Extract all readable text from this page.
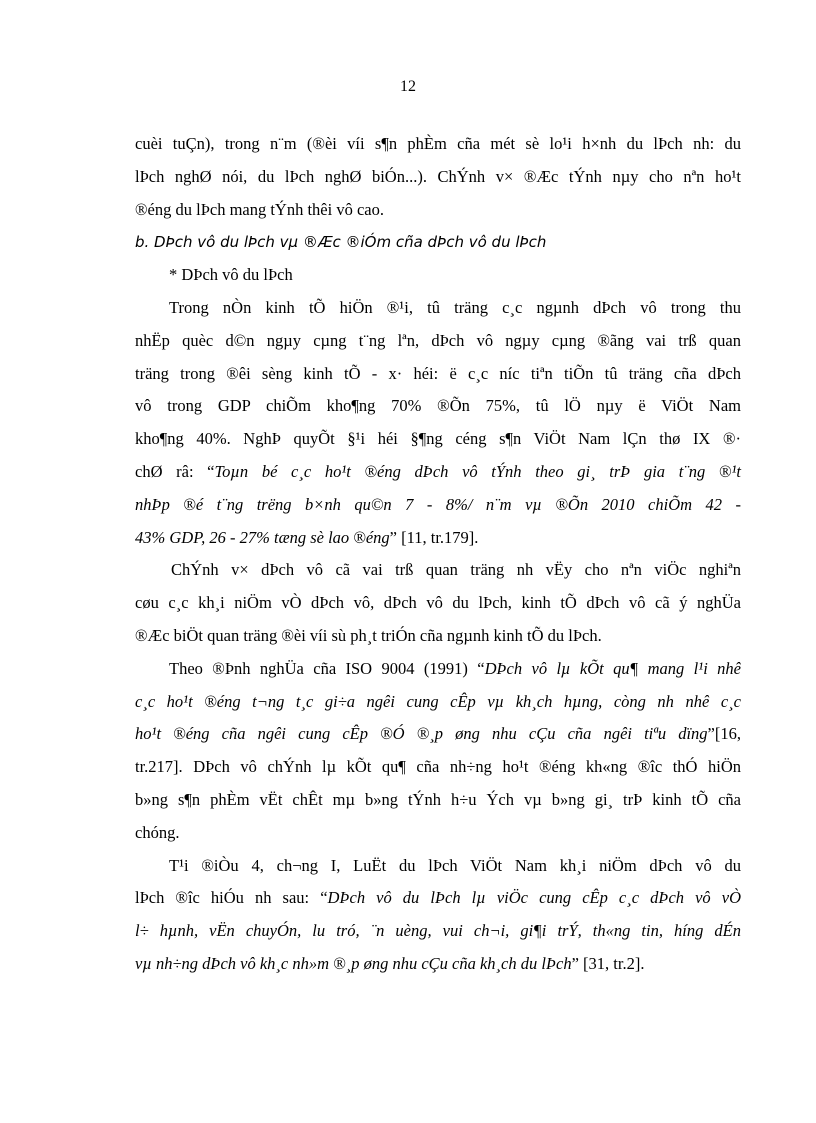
12
cuèi tuÇn), trong n¨m (®èi víi s¶n phÈm cña mét sè lo¹i h×nh du lÞch nh: du
lÞch nghØ nói, du lÞch nghØ biÓn...). ChÝnh v× ®Æc tÝnh nµy cho nªn ho¹t
®éng du lÞch mang tÝnh thêi vô cao.
b. DÞch vô du lÞch vµ ®Æc ®iÓm cña dÞch vô du lÞch
* DÞch vô du lÞch
Trong nÒn kinh tÕ hiÖn ®¹i, tû träng c¸c ngµnh dÞch vô trong thu
nhËp quèc d©n ngµy cµng t¨ng lªn, dÞch vô ngµy cµng ®ãng vai trß quan
träng trong ®êi sèng kinh tÕ - x· héi: ë c¸c níc tiªn tiÕn tû träng cña dÞch
vô trong GDP chiÕm kho¶ng 70% ®Õn 75%, tû lÖ nµy ë ViÖt Nam
kho¶ng 40%. NghÞ quyÕt §¹i héi §¶ng céng s¶n ViÖt Nam lÇn thø IX ®·
chØ râ: “Toµn bé c¸c ho¹t ®éng dÞch vô tÝnh theo gi¸ trÞ gia t¨ng ®¹t
nhÞp ®é t¨ng trëng b×nh qu©n 7 - 8%/ n¨m vµ ®Õn 2010 chiÕm 42 -
43% GDP, 26 - 27% tæng sè lao ®éng” [11, tr.179].
ChÝnh v× dÞch vô cã vai trß quan träng nh vËy cho nªn viÖc nghiªn
cøu c¸c kh¸i niÖm vÒ dÞch vô, dÞch vô du lÞch, kinh tÕ dÞch vô cã ý nghÜa
®Æc biÖt quan träng ®èi víi sù ph¸t triÓn cña ngµnh kinh tÕ du lÞch.
Theo ®Þnh nghÜa cña ISO 9004 (1991) “DÞch vô lµ kÕt qu¶ mang l¹i nhê
c¸c ho¹t ®éng t¬ng t¸c gi÷a ngêi cung cÊp vµ kh¸ch hµng, còng nh nhê c¸c
ho¹t ®éng cña ngêi cung cÊp ®Ó ®¸p øng nhu cÇu cña ngêi tiªu dïng”[16,
tr.217]. DÞch vô chÝnh lµ kÕt qu¶ cña nh÷ng ho¹t ®éng kh«ng ®îc thÓ hiÖn
b»ng s¶n phÈm vËt chÊt mµ b»ng tÝnh h÷u Ých vµ b»ng gi¸ trÞ kinh tÕ cña
chóng.
T¹i ®iÒu 4, ch¬ng I, LuËt du lÞch ViÖt Nam kh¸i niÖm dÞch vô du
lÞch ®îc hiÓu nh sau: “DÞch vô du lÞch lµ viÖc cung cÊp c¸c dÞch vô vÒ
l÷ hµnh, vËn chuyÓn, lu tró, ¨n uèng, vui ch¬i, gi¶i trÝ, th«ng tin, híng dÉn
vµ nh÷ng dÞch vô kh¸c nh»m ®¸p øng nhu cÇu cña kh¸ch du lÞch” [31, tr.2].
